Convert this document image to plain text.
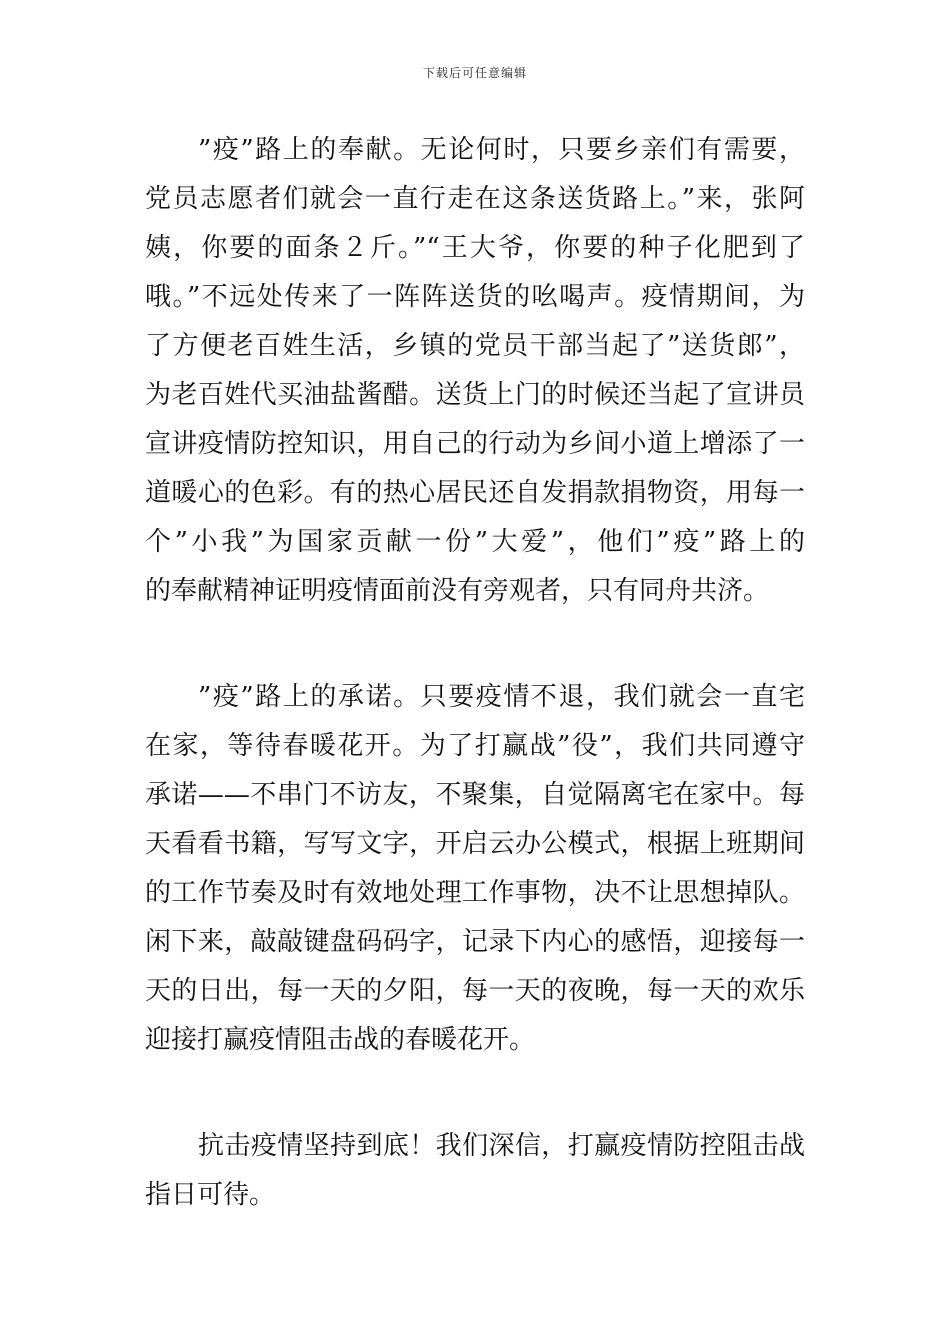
下载后可任意编辑
”疫”路上的奉献。无论何时，只要乡亲们有需要，
党员志愿者们就会一直行走在这条送货路上。”来，张阿
姨，你要的面条２斤。”“王大爷，你要的种子化肥到了
哦。”不远处传来了一阵阵送货的吆喝声。疫情期间，为
了方便老百姓生活，乡镇的党员干部当起了”送货郎”，
为老百姓代买油盐酱醋。送货上门的时候还当起了宣讲员
宣讲疫情防控知识，用自己的行动为乡间小道上增添了一
道暖心的色彩。有的热心居民还自发捐款捐物资，用每一
个”小我”为国家贡献一份”大爱”，他们”疫”路上的
的奉献精神证明疫情面前没有旁观者，只有同舟共济。
”疫”路上的承诺。只要疫情不退，我们就会一直宅
在家，等待春暖花开。为了打赢战”役”，我们共同遵守
承诺——不串门不访友，不聚集，自觉隔离宅在家中。每
天看看书籍，写写文字，开启云办公模式，根据上班期间
的工作节奏及时有效地处理工作事物，决不让思想掉队。
闲下来，敲敲键盘码码字，记录下内心的感悟，迎接每一
天的日出，每一天的夕阳，每一天的夜晚，每一天的欢乐
迎接打赢疫情阻击战的春暖花开。
抗击疫情坚持到底！我们深信，打赢疫情防控阻击战
指日可待。
